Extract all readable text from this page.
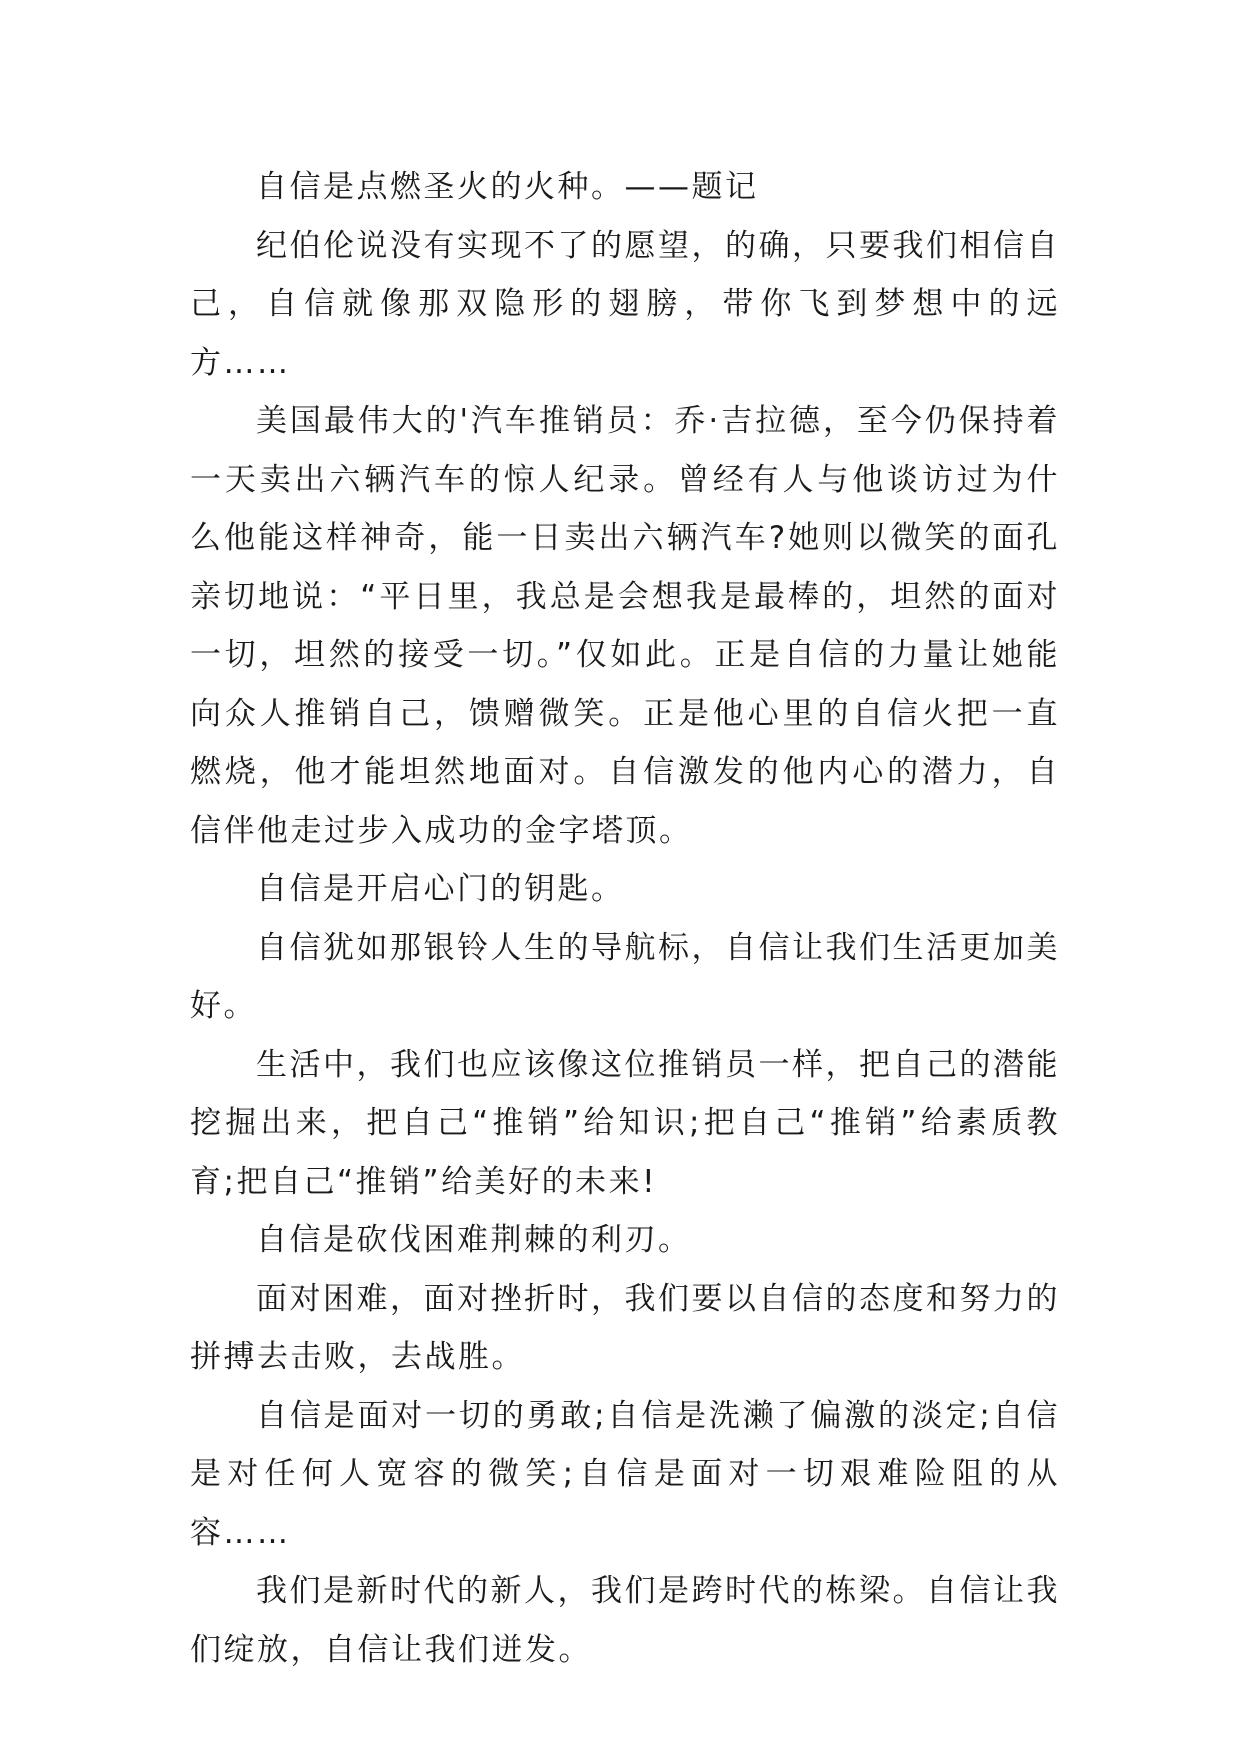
自信是点燃圣火的火种。——题记

纪伯伦说没有实现不了的愿望，的确，只要我们相信自己，自信就像那双隐形的翅膀，带你飞到梦想中的远方……

美国最伟大的'汽车推销员：乔·吉拉德，至今仍保持着一天卖出六辆汽车的惊人纪录。曾经有人与他谈访过为什么他能这样神奇，能一日卖出六辆汽车?她则以微笑的面孔亲切地说：“平日里，我总是会想我是最棒的，坦然的面对一切，坦然的接受一切。”仅如此。正是自信的力量让她能向众人推销自己，馈赠微笑。正是他心里的自信火把一直燃烧，他才能坦然地面对。自信激发的他内心的潜力，自信伴他走过步入成功的金字塔顶。

自信是开启心门的钥匙。

自信犹如那银铃人生的导航标，自信让我们生活更加美好。

生活中，我们也应该像这位推销员一样，把自己的潜能挖掘出来，把自己“推销”给知识;把自己“推销”给素质教育;把自己“推销”给美好的未来!

自信是砍伐困难荆棘的利刃。

面对困难，面对挫折时，我们要以自信的态度和努力的拼搏去击败，去战胜。

自信是面对一切的勇敢;自信是洗濑了偏激的淡定;自信是对任何人宽容的微笑;自信是面对一切艰难险阻的从容……

我们是新时代的新人，我们是跨时代的栋梁。自信让我们绽放，自信让我们迸发。
